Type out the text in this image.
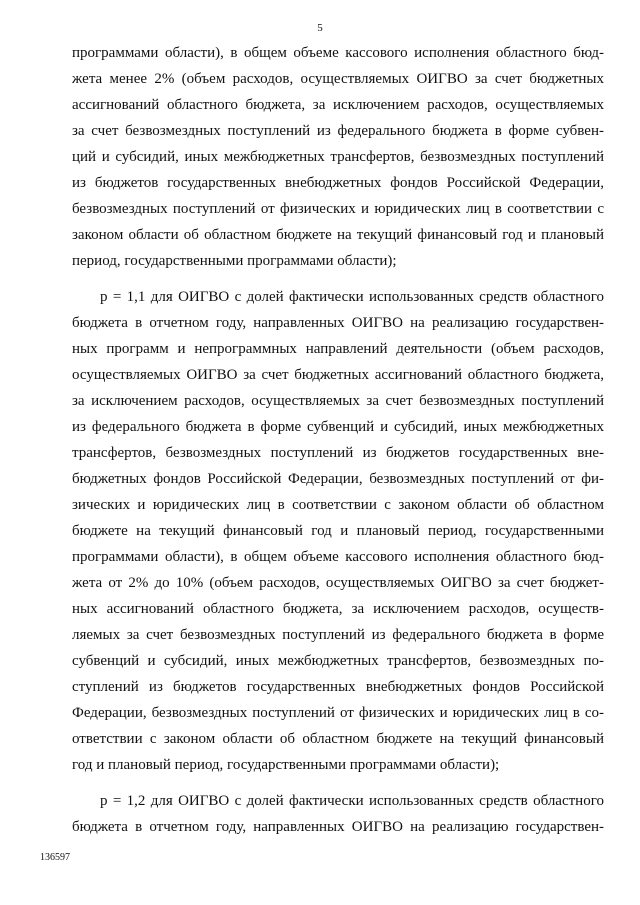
5
программами области), в общем объеме кассового исполнения областного бюд-
жета менее 2% (объем расходов, осуществляемых ОИГВО за счет бюджетных
ассигнований областного бюджета, за исключением расходов, осуществляемых
за счет безвозмездных поступлений из федерального бюджета в форме субвен-
ций и субсидий, иных межбюджетных трансфертов, безвозмездных поступлений
из бюджетов государственных внебюджетных фондов Российской Федерации,
безвозмездных поступлений от физических и юридических лиц в соответствии с
законом области об областном бюджете на текущий финансовый год и плановый
период, государственными программами области);
р = 1,1 для ОИГВО с долей фактически использованных средств областного
бюджета в отчетном году, направленных ОИГВО на реализацию государствен-
ных программ и непрограммных направлений деятельности (объем расходов,
осуществляемых ОИГВО за счет бюджетных ассигнований областного бюджета,
за исключением расходов, осуществляемых за счет безвозмездных поступлений
из федерального бюджета в форме субвенций и субсидий, иных межбюджетных
трансфертов, безвозмездных поступлений из бюджетов государственных вне-
бюджетных фондов Российской Федерации, безвозмездных поступлений от фи-
зических и юридических лиц в соответствии с законом области об областном
бюджете на текущий финансовый год и плановый период, государственными
программами области), в общем объеме кассового исполнения областного бюд-
жета от 2% до 10% (объем расходов, осуществляемых ОИГВО за счет бюджет-
ных ассигнований областного бюджета, за исключением расходов, осуществ-
ляемых за счет безвозмездных поступлений из федерального бюджета в форме
субвенций и субсидий, иных межбюджетных трансфертов, безвозмездных по-
ступлений из бюджетов государственных внебюджетных фондов Российской
Федерации, безвозмездных поступлений от физических и юридических лиц в со-
ответствии с законом области об областном бюджете на текущий финансовый
год и плановый период, государственными программами области);
р = 1,2 для ОИГВО с долей фактически использованных средств областного
бюджета в отчетном году, направленных ОИГВО на реализацию государствен-
136597
